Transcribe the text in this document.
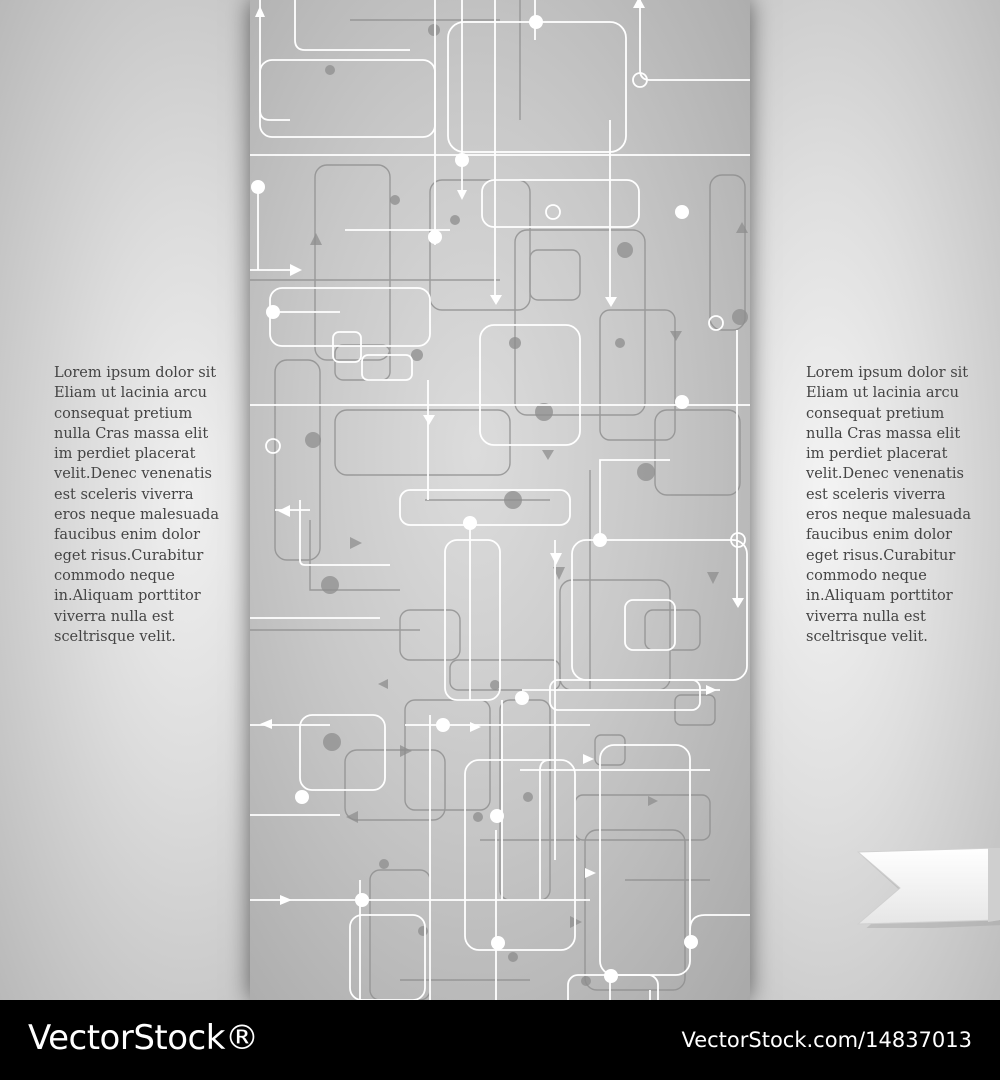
Lorem ipsum dolor sit Eliam ut lacinia arcu consequat pretium nulla Cras massa elit im perdiet placerat velit.Denec venenatis est sceleris viverra eros neque malesuada faucibus enim dolor eget risus.Curabitur commodo neque in.Aliquam porttitor viverra nulla est sceltrisque velit.
Lorem ipsum dolor sit Eliam ut lacinia arcu consequat pretium nulla Cras massa elit im perdiet placerat velit.Denec venenatis est sceleris viverra eros neque malesuada faucibus enim dolor eget risus.Curabitur commodo neque in.Aliquam porttitor viverra nulla est sceltrisque velit.
VectorStock®	VectorStock.com/14837013
